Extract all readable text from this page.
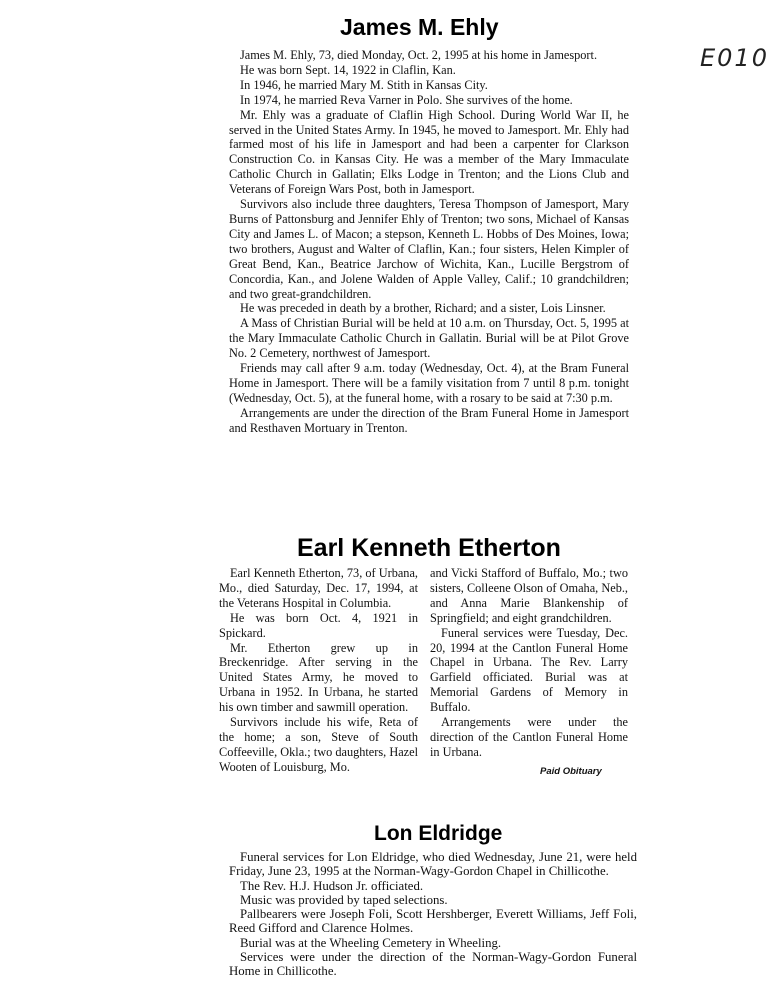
E010
James M. Ehly

James M. Ehly, 73, died Monday, Oct. 2, 1995 at his home in Jamesport.

He was born Sept. 14, 1922 in Claflin, Kan.

In 1946, he married Mary M. Stith in Kansas City.

In 1974, he married Reva Varner in Polo. She survives of the home.

Mr. Ehly was a graduate of Claflin High School. During World War II, he served in the United States Army. In 1945, he moved to Jamesport. Mr. Ehly had farmed most of his life in Jamesport and had been a carpenter for Clarkson Construction Co. in Kansas City. He was a member of the Mary Immaculate Catholic Church in Gallatin; Elks Lodge in Trenton; and the Lions Club and Veterans of Foreign Wars Post, both in Jamesport.

Survivors also include three daughters, Teresa Thompson of Jamesport, Mary Burns of Pattonsburg and Jennifer Ehly of Trenton; two sons, Michael of Kansas City and James L. of Macon; a stepson, Kenneth L. Hobbs of Des Moines, Iowa; two brothers, August and Walter of Claflin, Kan.; four sisters, Helen Kimpler of Great Bend, Kan., Beatrice Jarchow of Wichita, Kan., Lucille Bergstrom of Concordia, Kan., and Jolene Walden of Apple Valley, Calif.; 10 grandchildren; and two great-grandchildren.

He was preceded in death by a brother, Richard; and a sister, Lois Linsner.

A Mass of Christian Burial will be held at 10 a.m. on Thursday, Oct. 5, 1995 at the Mary Immaculate Catholic Church in Gallatin. Burial will be at Pilot Grove No. 2 Cemetery, northwest of Jamesport.

Friends may call after 9 a.m. today (Wednesday, Oct. 4), at the Bram Funeral Home in Jamesport. There will be a family visitation from 7 until 8 p.m. tonight (Wednesday, Oct. 5), at the funeral home, with a rosary to be said at 7:30 p.m.

Arrangements are under the direction of the Bram Funeral Home in Jamesport and Resthaven Mortuary in Trenton.

Earl Kenneth Etherton

Earl Kenneth Etherton, 73, of Urbana, Mo., died Saturday, Dec. 17, 1994, at the Veterans Hospital in Columbia.

He was born Oct. 4, 1921 in Spickard.

Mr. Etherton grew up in Breckenridge. After serving in the United States Army, he moved to Urbana in 1952. In Urbana, he started his own timber and sawmill operation.

Survivors include his wife, Reta of the home; a son, Steve of South Coffeeville, Okla.; two daughters, Hazel Wooten of Louisburg, Mo.

and Vicki Stafford of Buffalo, Mo.; two sisters, Colleene Olson of Omaha, Neb., and Anna Marie Blankenship of Springfield; and eight grandchildren.

Funeral services were Tuesday, Dec. 20, 1994 at the Cantlon Funeral Home Chapel in Urbana. The Rev. Larry Garfield officiated. Burial was at Memorial Gardens of Memory in Buffalo.

Arrangements were under the direction of the Cantlon Funeral Home in Urbana.

Paid Obituary
Lon Eldridge

Funeral services for Lon Eldridge, who died Wednesday, June 21, were held Friday, June 23, 1995 at the Norman-Wagy-Gordon Chapel in Chillicothe.

The Rev. H.J. Hudson Jr. officiated.

Music was provided by taped selections.

Pallbearers were Joseph Foli, Scott Hershberger, Everett Williams, Jeff Foli, Reed Gifford and Clarence Holmes.

Burial was at the Wheeling Cemetery in Wheeling.

Services were under the direction of the Norman-Wagy-Gordon Funeral Home in Chillicothe.
